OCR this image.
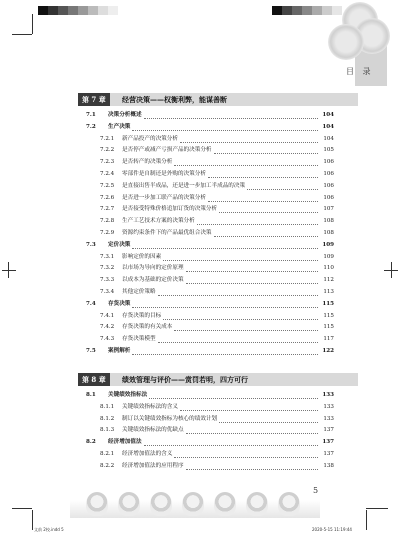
目 录
第 7 章	经营决策——权衡利弊，能谋善断
7.1	决策分析概述	104
7.2	生产决策	104
7.2.1	新产品投产的决策分析	104
7.2.2	是否停产或减产亏损产品的决策分析	105
7.2.3	是否转产的决策分析	106
7.2.4	零部件是自制还是外购的决策分析	106
7.2.5	是直接出售半成品，还是进一步加工半成品的决策	106
7.2.6	是否进一步加工联产品的决策分析	106
7.2.7	是否接受特殊价格追加订货的决策分析	107
7.2.8	生产工艺技术方案的决策分析	108
7.2.9	资源约束条件下的产品最优组合决策	108
7.3	定价决策	109
7.3.1	影响定价的因素	109
7.3.2	以市场为导向的定价原理	110
7.3.3	以成本为基础的定价决策	112
7.3.4	其他定价策略	113
7.4	存货决策	115
7.4.1	存货决策的目标	115
7.4.2	存货决策的有关成本	115
7.4.3	存货决策模型	117
7.5	案例解析	122
第 8 章	绩效管理与评价——赏罚若明，四方可行
8.1	关键绩效指标法	133
8.1.1	关键绩效指标法的含义	133
8.1.2	制订以关键绩效指标为核心的绩效计划	133
8.1.3	关键绩效指标法的优缺点	137
8.2	经济增加值法	137
8.2.1	经济增加值法的含义	137
8.2.2	经济增加值法的应用程序	138
5
文前 2校.indd 5	2020-5-15 11:19:44
